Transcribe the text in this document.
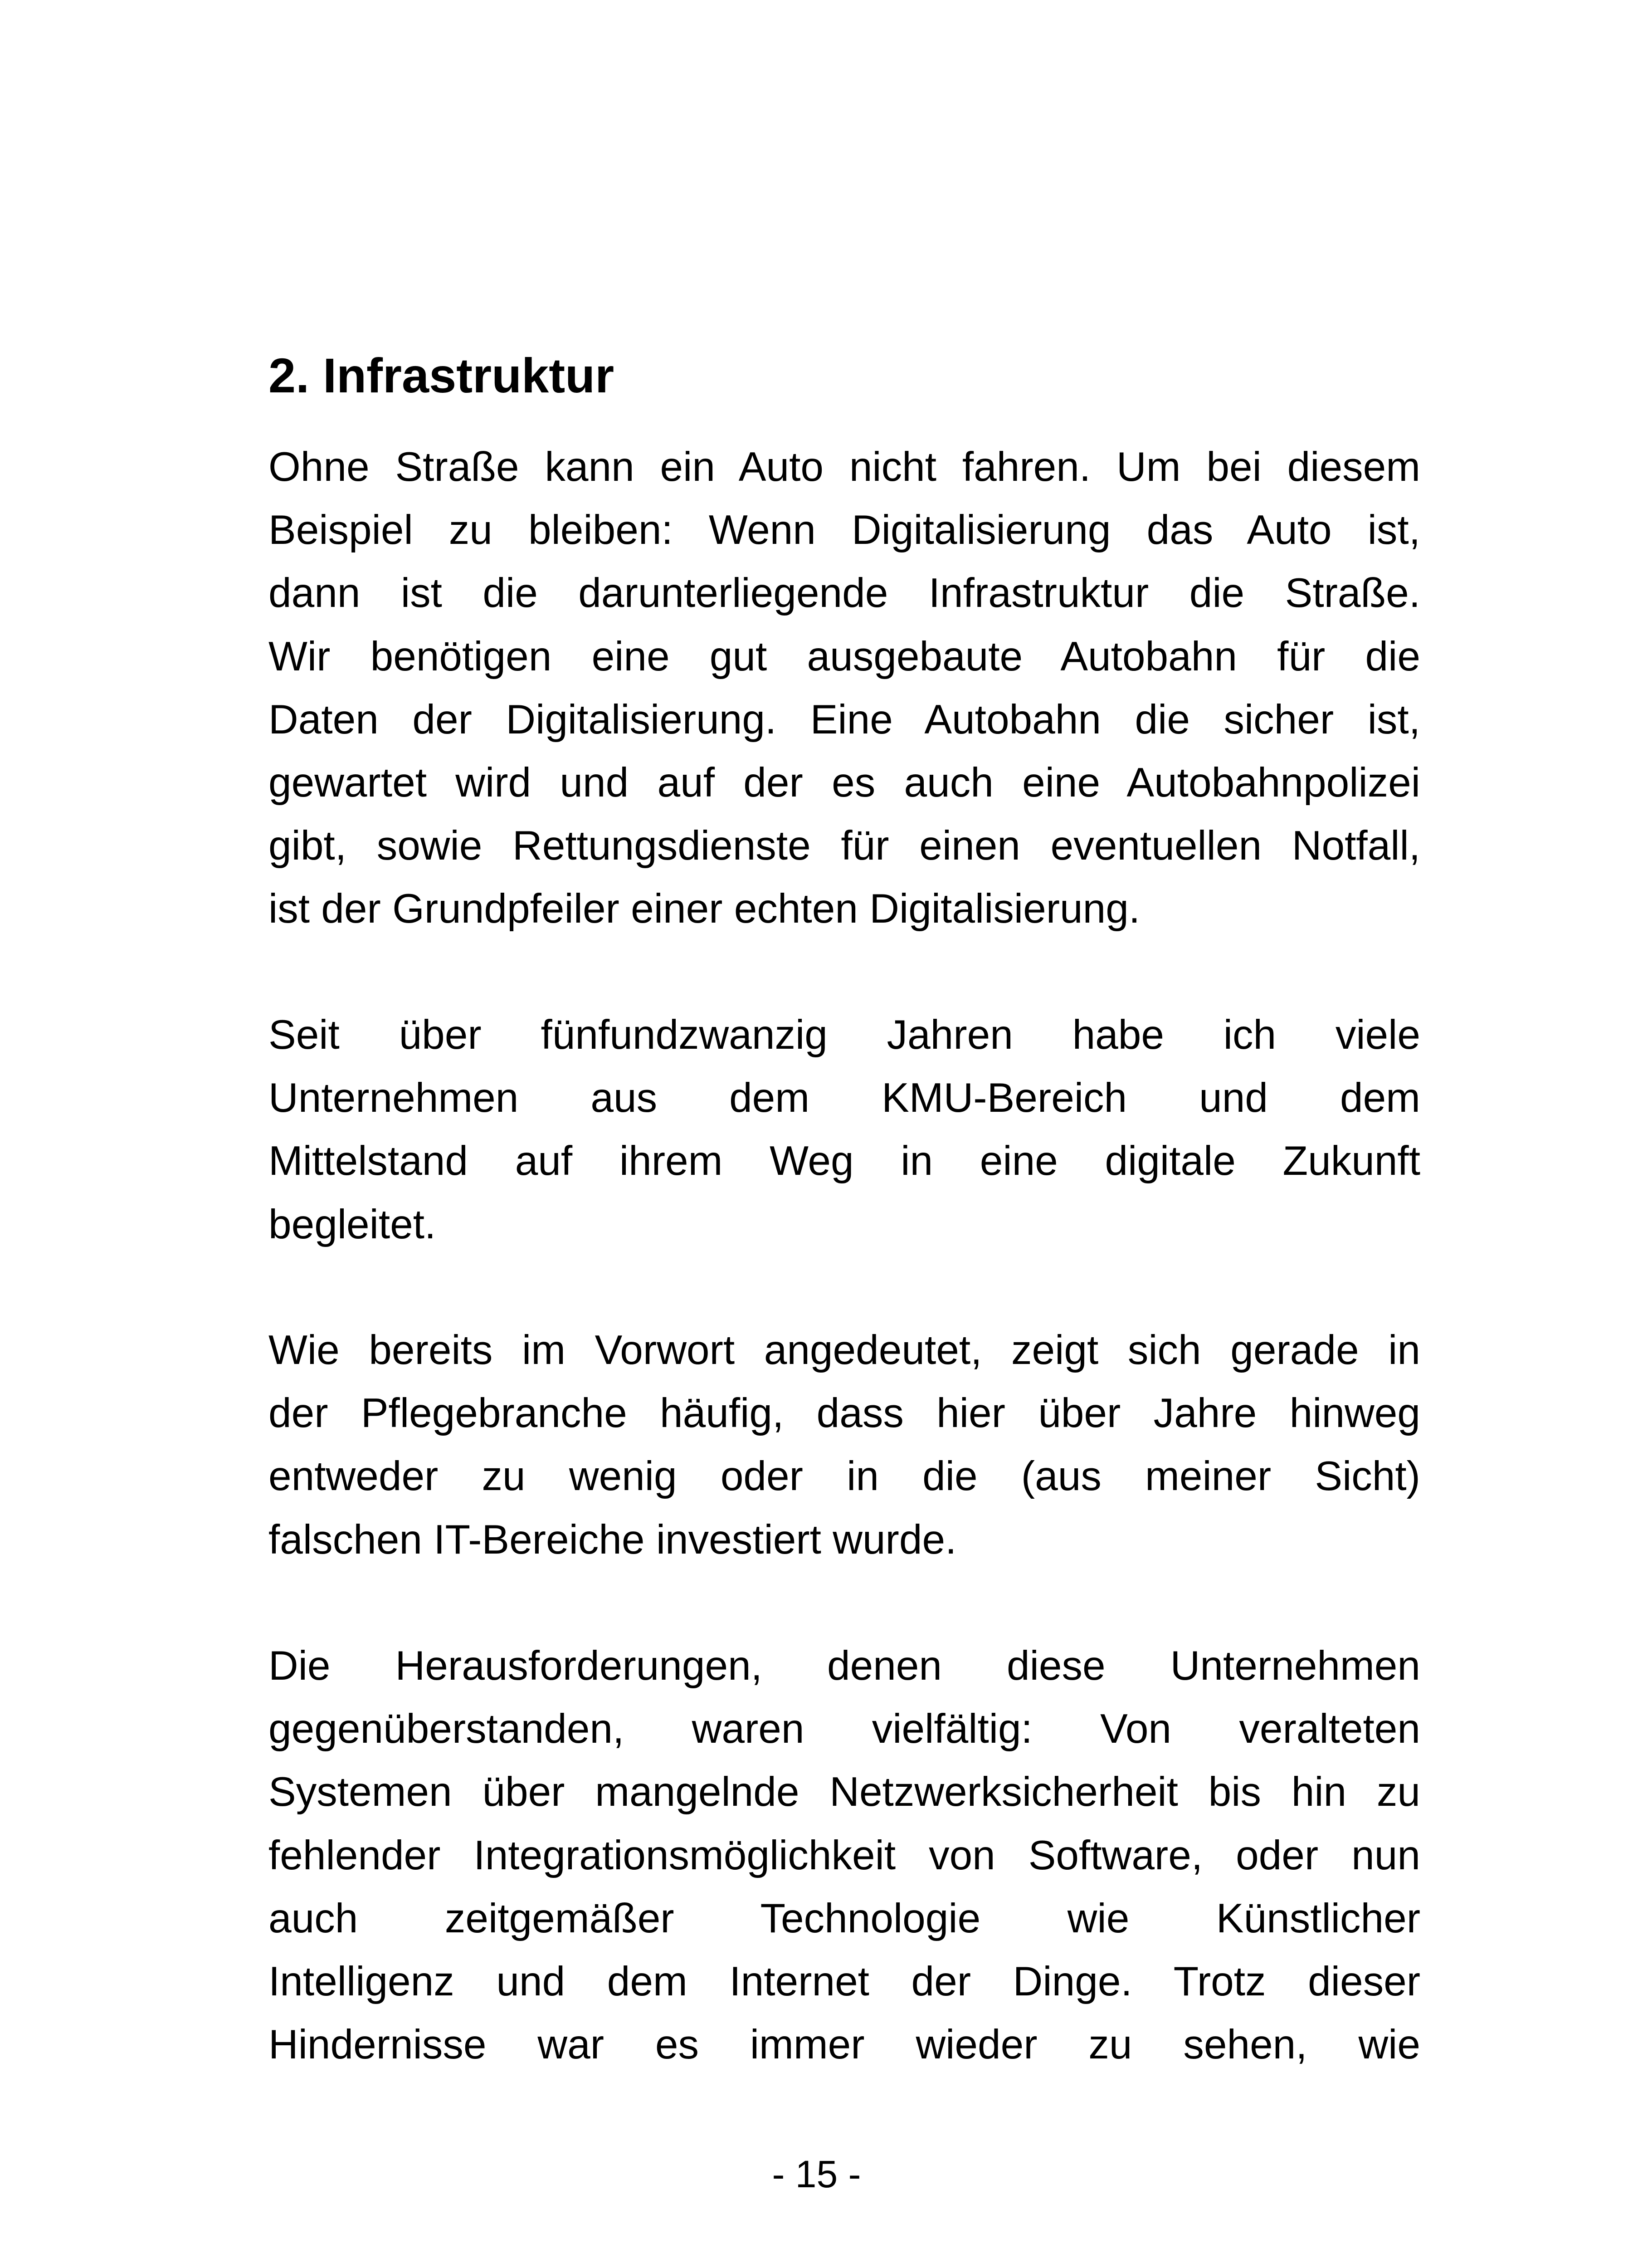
2. Infrastruktur
Ohne Straße kann ein Auto nicht fahren. Um bei diesem
Beispiel zu bleiben: Wenn Digitalisierung das Auto ist,
dann ist die darunterliegende Infrastruktur die Straße.
Wir benötigen eine gut ausgebaute Autobahn für die
Daten der Digitalisierung. Eine Autobahn die sicher ist,
gewartet wird und auf der es auch eine Autobahnpolizei
gibt, sowie Rettungsdienste für einen eventuellen Notfall,
ist der Grundpfeiler einer echten Digitalisierung.
Seit über fünfundzwanzig Jahren habe ich viele
Unternehmen aus dem KMU-Bereich und dem
Mittelstand auf ihrem Weg in eine digitale Zukunft
begleitet.
Wie bereits im Vorwort angedeutet, zeigt sich gerade in
der Pflegebranche häufig, dass hier über Jahre hinweg
entweder zu wenig oder in die (aus meiner Sicht)
falschen IT-Bereiche investiert wurde.
Die Herausforderungen, denen diese Unternehmen
gegenüberstanden, waren vielfältig: Von veralteten
Systemen über mangelnde Netzwerksicherheit bis hin zu
fehlender Integrationsmöglichkeit von Software, oder nun
auch zeitgemäßer Technologie wie Künstlicher
Intelligenz und dem Internet der Dinge. Trotz dieser
Hindernisse war es immer wieder zu sehen, wie
- 15 -
